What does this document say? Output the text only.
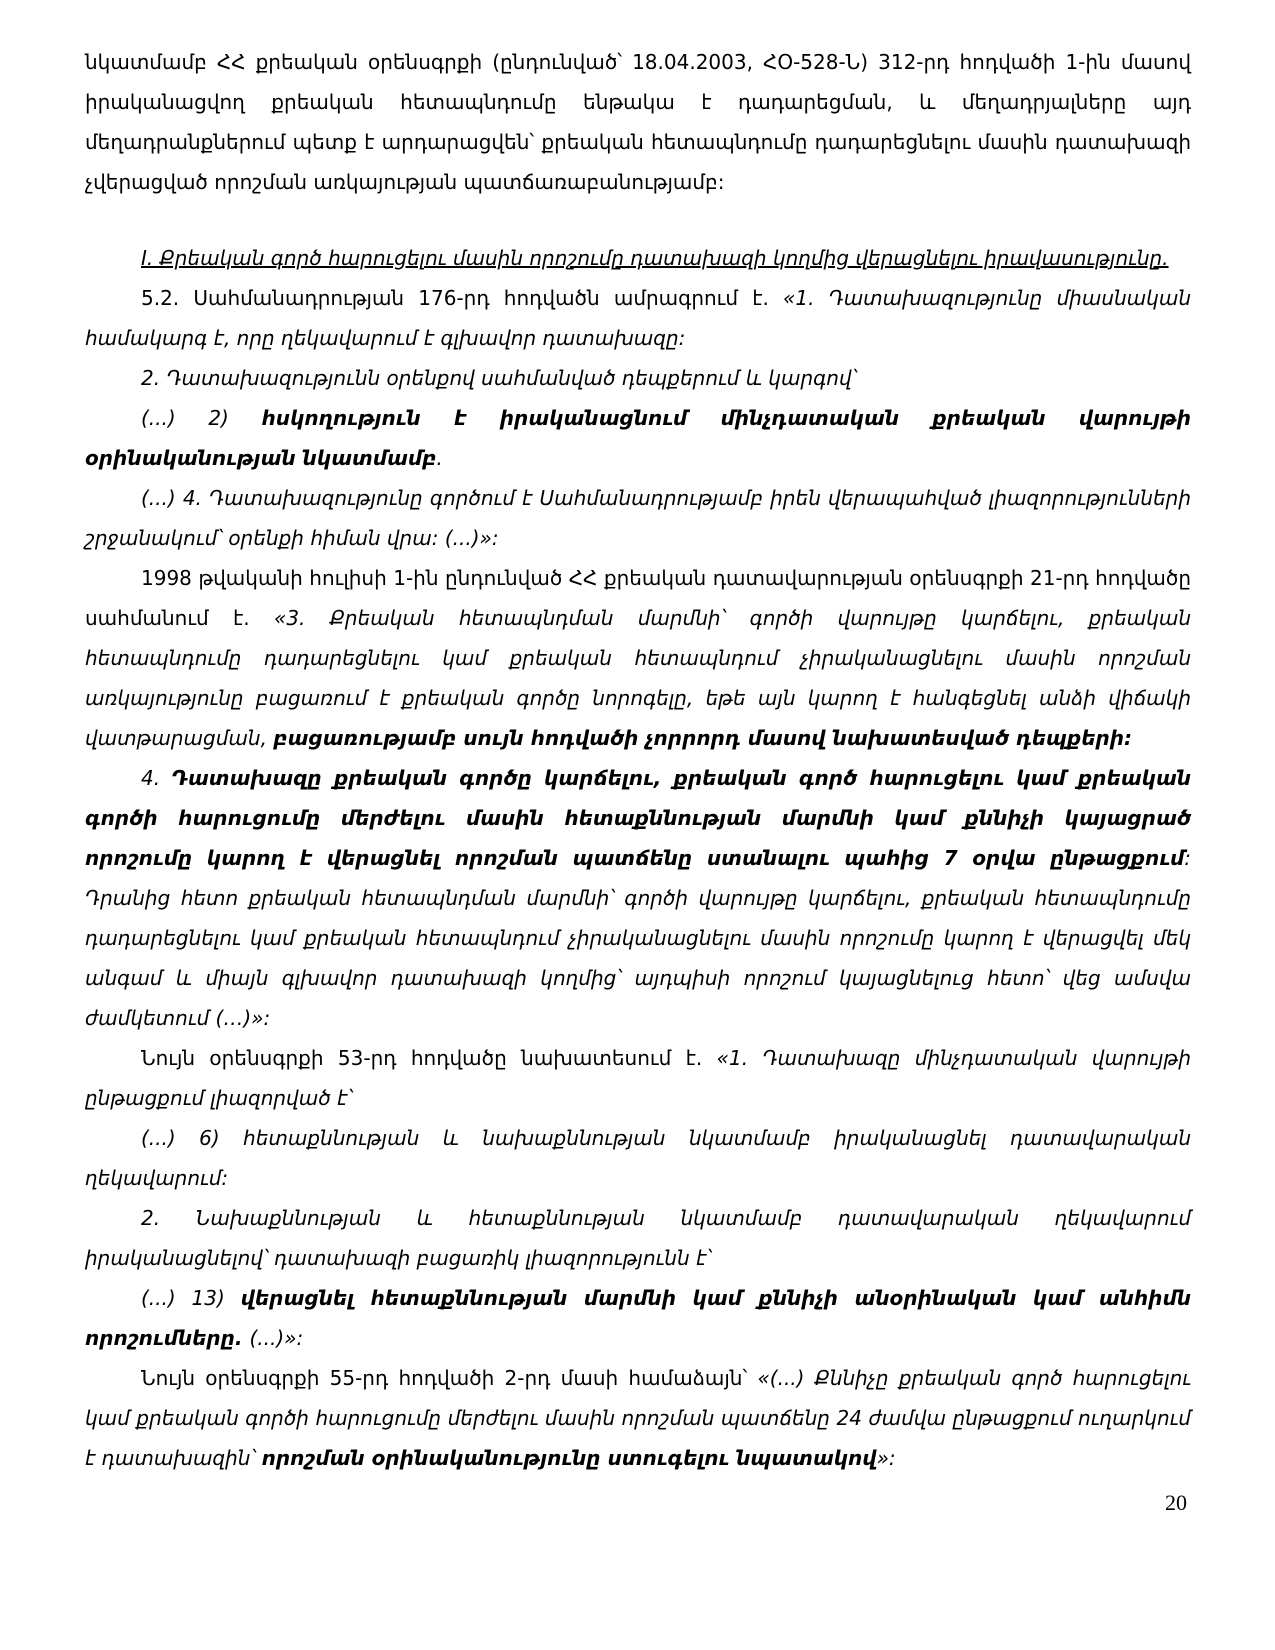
նկատմամբ ՀՀ քրեական օրենսգրքի (ընդունված՝ 18.04.2003, ՀՕ-528-Ն) 312-րդ հոդվածի 1-ին մասով իրականացվող քրեական հետապնդումը ենթակա է դադարեցման, և մեղադրյալները այդ մեղադրանքներում պետք է արդարացվեն՝ քրեական հետապնդումը դադարեցնելու մասին դատախազի չվերացված որոշման առկայության պատճառաբանությամբ:

I. Քրեական գործ հարուցելու մասին որոշումը դատախազի կողմից վերացնելու իրավասությունը.

5.2. Սահմանադրության 176-րդ հոդվածն ամրագրում է. «1. Դատախազությունը միասնական համակարգ է, որը ղեկավարում է գլխավոր դատախազը:

2. Դատախազությունն օրենքով սահմանված դեպքերում և կարգով՝

(...) 2) հսկողություն է իրականացնում մինչդատական քրեական վարույթի օրինականության նկատմամբ.

(...) 4. Դատախազությունը գործում է Սահմանադրությամբ իրեն վերապահված լիազորությունների շրջանակում՝ օրենքի հիման վրա: (...)»:

1998 թվականի հուլիսի 1-ին ընդունված ՀՀ քրեական դատավարության օրենսգրքի 21-րդ հոդվածը սահմանում է. «3. Քրեական հետապնդման մարմնի՝ գործի վարույթը կարճելու, քրեական հետապնդումը դադարեցնելու կամ քրեական հետապնդում չիրականացնելու մասին որոշման առկայությունը բացառում է քրեական գործը նորոգելը, եթե այն կարող է հանգեցնել անձի վիճակի վատթարացման, բացառությամբ սույն հոդվածի չորրորդ մասով նախատեսված դեպքերի:

4. Դատախազը քրեական գործը կարճելու, քրեական գործ հարուցելու կամ քրեական գործի հարուցումը մերժելու մասին հետաքննության մարմնի կամ քննիչի կայացրած որոշումը կարող է վերացնել որոշման պատճենը ստանալու պահից 7 օրվա ընթացքում: Դրանից հետո քրեական հետապնդման մարմնի՝ գործի վարույթը կարճելու, քրեական հետապնդումը դադարեցնելու կամ քրեական հետապնդում չիրականացնելու մասին որոշումը կարող է վերացվել մեկ անգամ և միայն գլխավոր դատախազի կողմից՝ այդպիսի որոշում կայացնելուց հետո՝ վեց ամսվա ժամկետում (…)»:

Նույն օրենսգրքի 53-րդ հոդվածը նախատեսում է. «1. Դատախազը մինչդատական վարույթի ընթացքում լիազորված է՝

(...) 6) հետաքննության և նախաքննության նկատմամբ իրականացնել դատավարական ղեկավարում:

2. Նախաքննության և հետաքննության նկատմամբ դատավարական ղեկավարում իրականացնելով՝ դատախազի բացառիկ լիազորությունն է՝

(...) 13) վերացնել հետաքննության մարմնի կամ քննիչի անօրինական կամ անհիմն որոշումները. (...)»:

Նույն օրենսգրքի 55-րդ հոդվածի 2-րդ մասի համաձայն՝ «(...) Քննիչը քրեական գործ հարուցելու կամ քրեական գործի հարուցումը մերժելու մասին որոշման պատճենը 24 ժամվա ընթացքում ուղարկում է դատախազին՝ որոշման օրինականությունը ստուգելու նպատակով»:

20
